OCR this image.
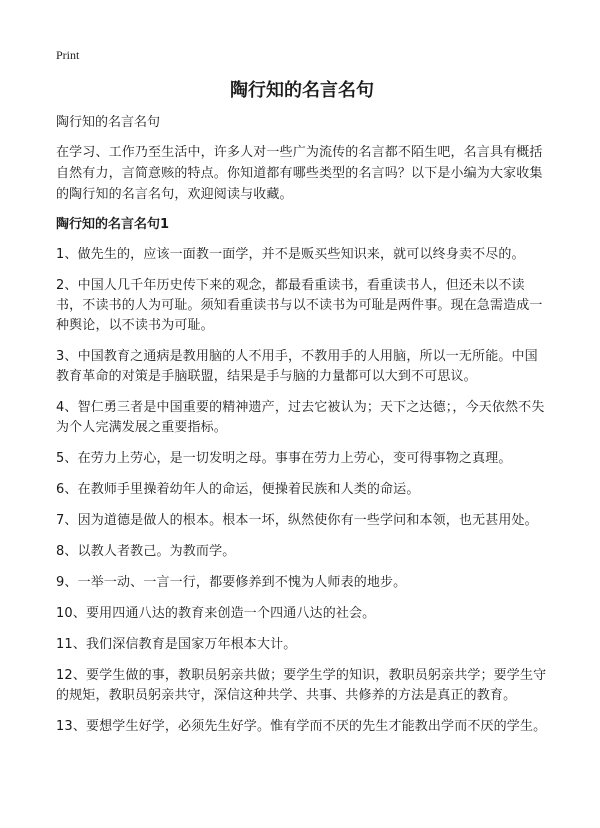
Print
陶行知的名言名句
陶行知的名言名句

在学习、工作乃至生活中，许多人对一些广为流传的名言都不陌生吧，名言具有概括自然有力，言简意赅的特点。你知道都有哪些类型的名言吗？以下是小编为大家收集的陶行知的名言名句，欢迎阅读与收藏。

陶行知的名言名句1

1、做先生的，应该一面教一面学，并不是贩买些知识来，就可以终身卖不尽的。

2、中国人几千年历史传下来的观念，都最看重读书，看重读书人，但还未以不读书，不读书的人为可耻。须知看重读书与以不读书为可耻是两件事。现在急需造成一种舆论，以不读书为可耻。

3、中国教育之通病是教用脑的人不用手，不教用手的人用脑，所以一无所能。中国教育革命的对策是手脑联盟，结果是手与脑的力量都可以大到不可思议。

4、智仁勇三者是中国重要的精神遗产，过去它被认为；天下之达德；，今天依然不失为个人完满发展之重要指标。

5、在劳力上劳心，是一切发明之母。事事在劳力上劳心，变可得事物之真理。

6、在教师手里操着幼年人的命运，便操着民族和人类的命运。

7、因为道德是做人的根本。根本一坏，纵然使你有一些学问和本领，也无甚用处。

8、以教人者教己。为教而学。

9、一举一动、一言一行，都要修养到不愧为人师表的地步。

10、要用四通八达的教育来创造一个四通八达的社会。

11、我们深信教育是国家万年根本大计。

12、要学生做的事，教职员躬亲共做；要学生学的知识，教职员躬亲共学；要学生守的规矩，教职员躬亲共守，深信这种共学、共事、共修养的方法是真正的教育。

13、要想学生好学，必须先生好学。惟有学而不厌的先生才能教出学而不厌的学生。
